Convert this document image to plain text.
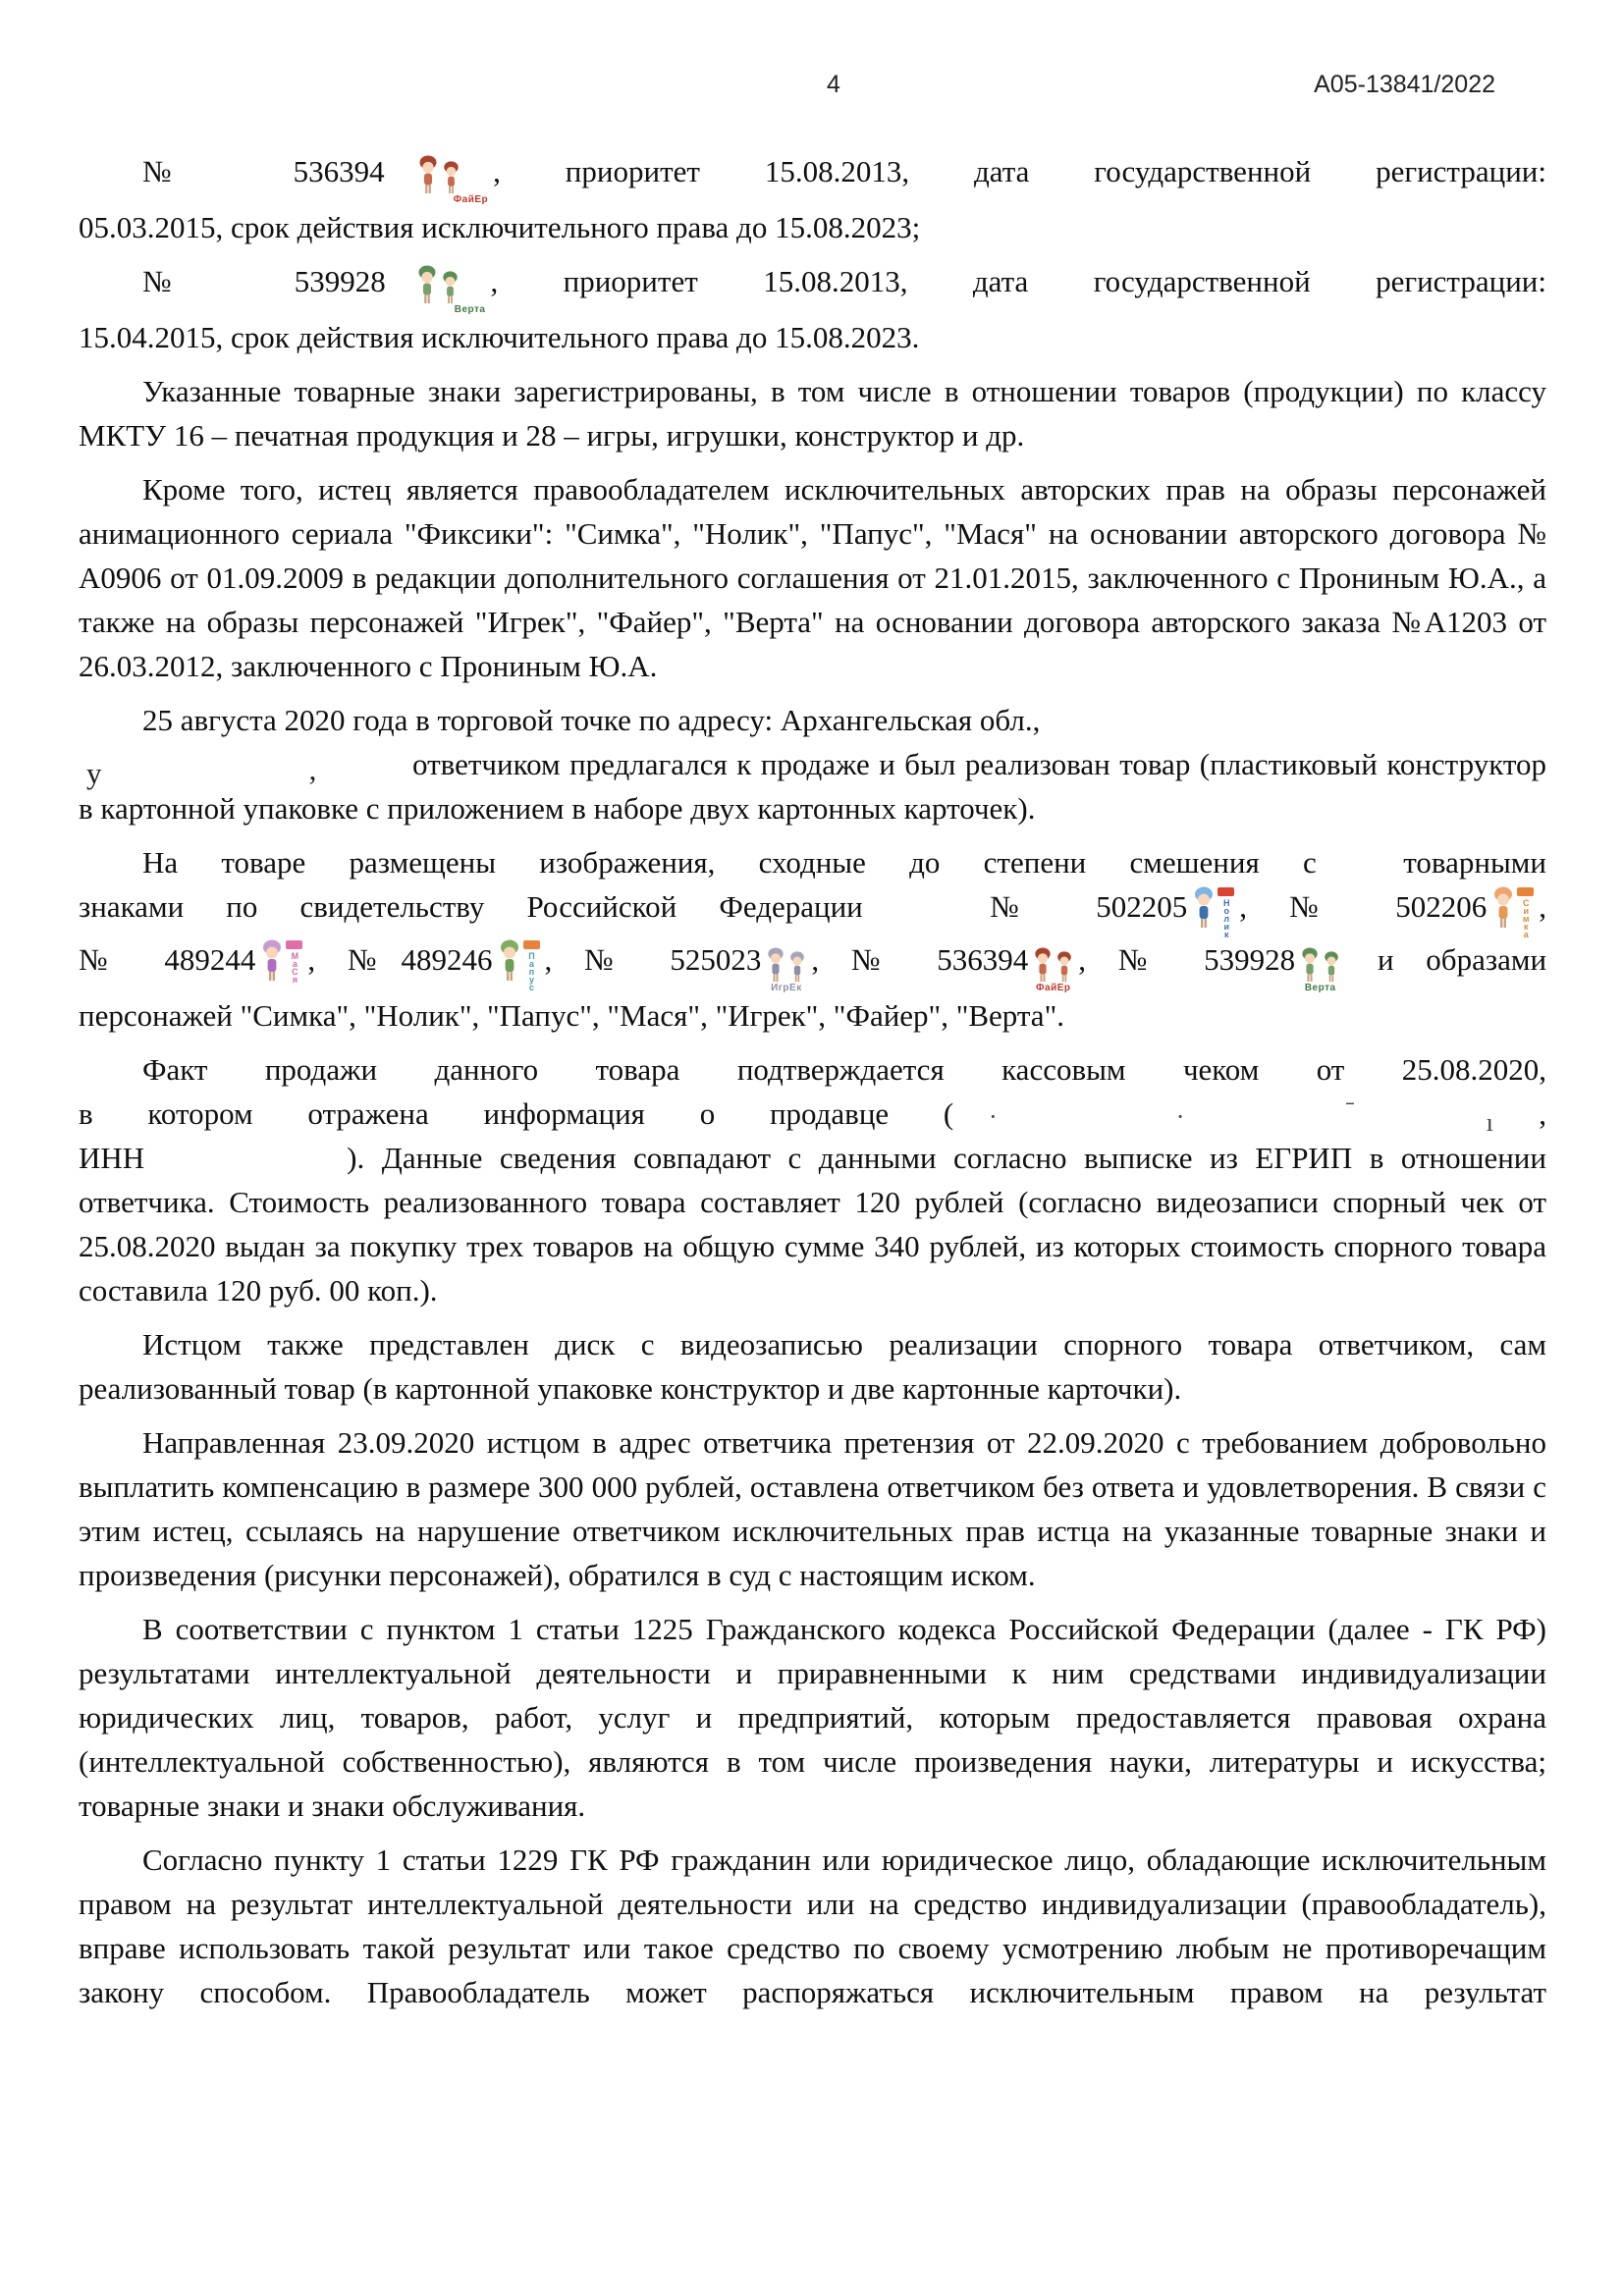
4	А05-13841/2022
№ 536394
ФайЕр
, приоритет 15.08.2013, дата государственной регистрации:
05.03.2015, срок действия исключительного права до 15.08.2023;
№ 539928
Верта
, приоритет 15.08.2013, дата государственной регистрации:
15.04.2015, срок действия исключительного права до 15.08.2023.

Указанные товарные знаки зарегистрированы, в том числе в отношении товаров (продукции) по классу МКТУ 16 – печатная продукция и 28 – игры, игрушки, конструктор и др.

Кроме того, истец является правообладателем исключительных авторских прав на образы персонажей анимационного сериала "Фиксики": "Симка", "Нолик", "Папус", "Мася" на основании авторского договора № А0906 от 01.09.2009 в редакции дополнительного соглашения от 21.01.2015, заключенного с Прониным Ю.А., а также на образы персонажей "Игрек", "Файер", "Верта" на основании договора авторского заказа №А1203 от 26.03.2012, заключенного с Прониным Ю.А.

25 августа 2020 года в торговой точке по адресу: Архангельская обл.,
у	,	ответчиком предлагался к продаже и был реализован товар (пластиковый конструктор в картонной упаковке с приложением в наборе двух картонных карточек).
На товаре размещены изображения, сходные до степени смешения с  товарными
знаками по свидетельству Российской Федерации   № 502205	Нолик , № 502206	Симка ,
№ 489244	МаСя , №489246	Папус , № 525023
ИгрЕк
, № 536394
ФайЕр
, № 539928
Верта
и образами
персонажей "Симка", "Нолик", "Папус", "Мася", "Игрек", "Файер", "Верта".
Факт продажи данного товара подтверждается кассовым чеком от 25.08.2020,
в котором отражена информация о продавце ( ·	·	ˉ	ı ,
ИНН	). Данные сведения совпадают с данными согласно выписке из ЕГРИП в отношении ответчика. Стоимость реализованного товара составляет 120 рублей (согласно видеозаписи спорный чек от 25.08.2020 выдан за покупку трех товаров на общую сумме 340 рублей, из которых стоимость спорного товара составила 120 руб. 00 коп.).

Истцом также представлен диск с видеозаписью реализации спорного товара ответчиком, сам реализованный товар (в картонной упаковке конструктор и две картонные карточки).

Направленная 23.09.2020 истцом в адрес ответчика претензия от 22.09.2020 с требованием добровольно выплатить компенсацию в размере 300 000 рублей, оставлена ответчиком без ответа и удовлетворения. В связи с этим истец, ссылаясь на нарушение ответчиком исключительных прав истца на указанные товарные знаки и произведения (рисунки персонажей), обратился в суд с настоящим иском.

В соответствии с пунктом 1 статьи 1225 Гражданского кодекса Российской Федерации (далее - ГК РФ) результатами интеллектуальной деятельности и приравненными к ним средствами индивидуализации юридических лиц, товаров, работ, услуг и предприятий, которым предоставляется правовая охрана (интеллектуальной собственностью), являются в том числе произведения науки, литературы и искусства; товарные знаки и знаки обслуживания.

Согласно пункту 1 статьи 1229 ГК РФ гражданин или юридическое лицо, обладающие исключительным правом на результат интеллектуальной деятельности или на средство индивидуализации (правообладатель), вправе использовать такой результат или такое средство по своему усмотрению любым не противоречащим закону способом. Правообладатель может распоряжаться исключительным правом на результат
